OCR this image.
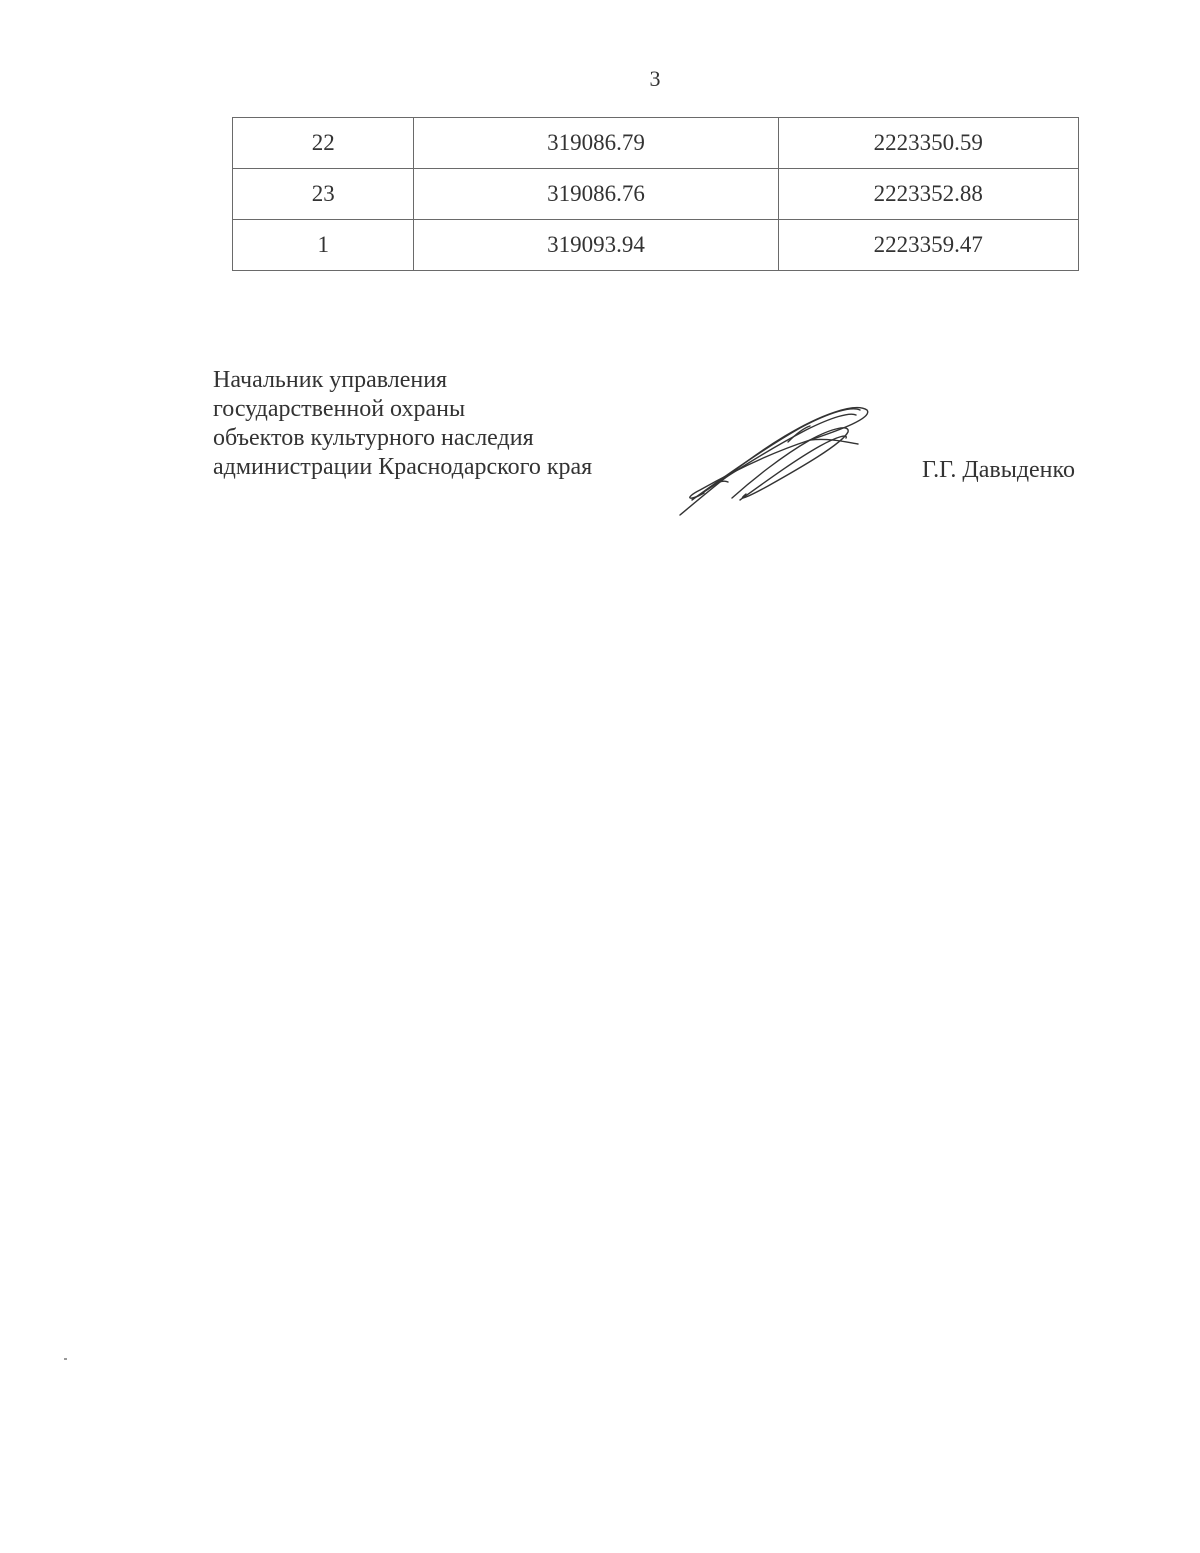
3
22	319086.79	2223350.59
23	319086.76	2223352.88
1	319093.94	2223359.47
Начальник управления
государственной охраны
объектов культурного наследия
администрации Краснодарского края	Г.Г. Давыденко
